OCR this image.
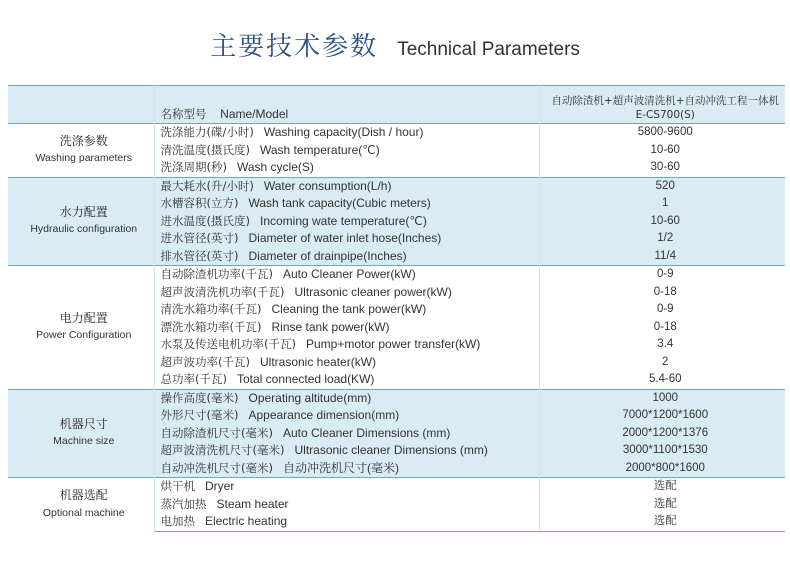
主要技术参数 Technical Parameters
	名称型号 Name/Model	自动除渣机+超声波清洗机+自动冲洗工程一体机
E-CS700(S)

洗涤参数
Washing parameters	洗涤能力(碟/小时) Washing capacity(Dish / hour)	5800-9600
	清洗温度(摄氏度) Wash temperature(℃)	10-60
	洗涤周期(秒) Wash cycle(S)	30-60

水力配置
Hydraulic configuration	最大耗水(升/小时) Water consumption(L/h)	520
	水槽容积(立方) Wash tank capacity(Cubic meters)	1
	进水温度(摄氏度) Incoming wate temperature(℃)	10-60
	进水管径(英寸) Diameter of water inlet hose(Inches)	1/2
	排水管径(英寸) Diameter of drainpipe(Inches)	11/4

电力配置
Power Configuration	自动除渣机功率(千瓦) Auto Cleaner Power(kW)	0-9
	超声波清洗机功率(千瓦) Ultrasonic cleaner power(kW)	0-18
	清洗水箱功率(千瓦) Cleaning the tank power(kW)	0-9
	漂洗水箱功率(千瓦) Rinse tank power(kW)	0-18
	水泵及传送电机功率(千瓦) Pump+motor power transfer(kW)	3.4
	超声波功率(千瓦) Ultrasonic heater(kW)	2
	总功率(千瓦) Total connected load(KW)	5.4-60

机器尺寸
Machine size	操作高度(毫米) Operating altitude(mm)	1000
	外形尺寸(毫米) Appearance dimension(mm)	7000*1200*1600
	自动除渣机尺寸(毫米) Auto Cleaner Dimensions (mm)	2000*1200*1376
	超声波清洗机尺寸(毫米) Ultrasonic cleaner Dimensions (mm)	3000*1100*1530
	自动冲洗机尺寸(毫米) 自动冲洗机尺寸(毫米)	2000*800*1600

机器选配
Optional machine	烘干机 Dryer	选配
	蒸汽加热 Steam heater	选配
	电加热 Electric heating	选配
